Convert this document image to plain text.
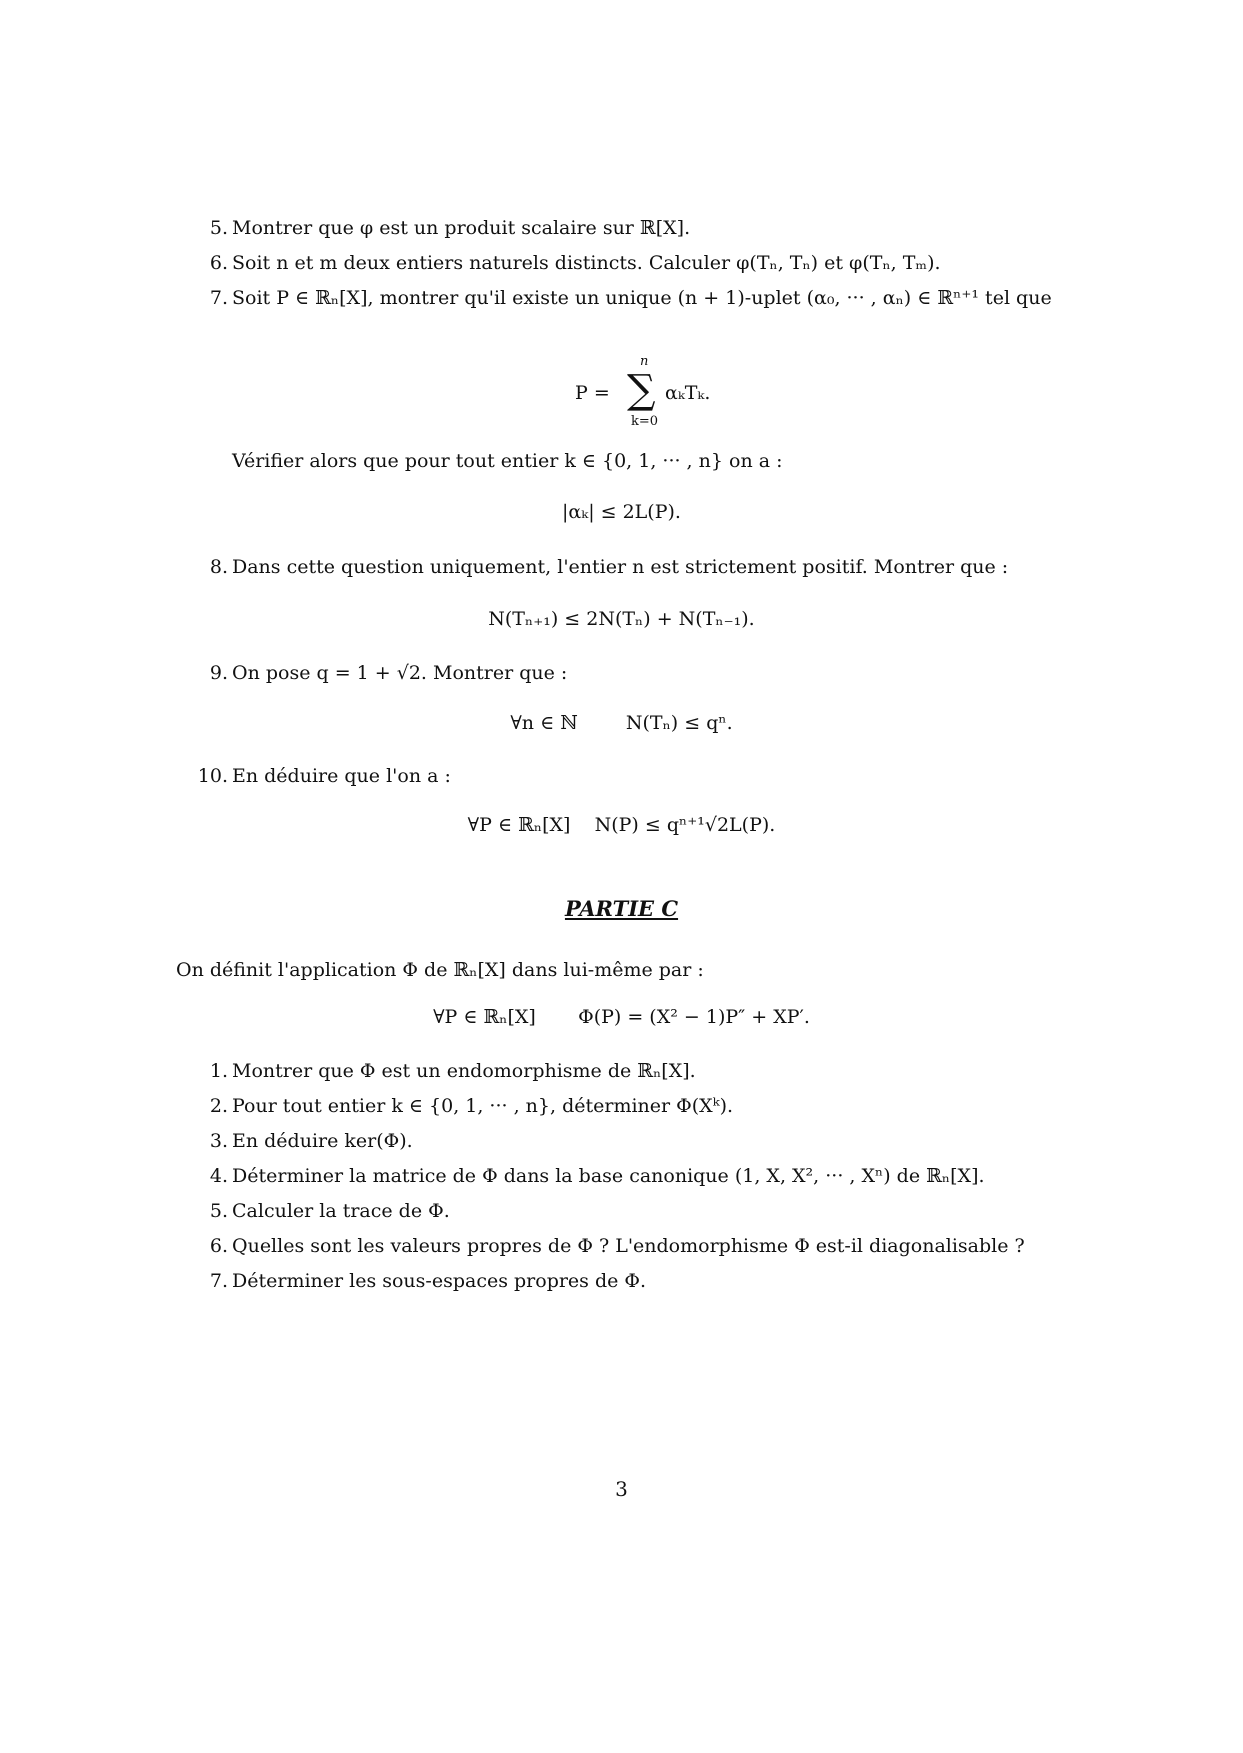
5. Montrer que φ est un produit scalaire sur ℝ[X].
6. Soit n et m deux entiers naturels distincts. Calculer φ(Tₙ, Tₙ) et φ(Tₙ, Tₘ).
7. Soit P ∈ ℝₙ[X], montrer qu'il existe un unique (n + 1)-uplet (α₀, ··· , αₙ) ∈ ℝⁿ⁺¹ tel que
P =
n
∑
k=0
αₖTₖ.
Vérifier alors que pour tout entier k ∈ {0, 1, ··· , n} on a :
|αₖ| ≤ 2L(P).
8. Dans cette question uniquement, l'entier n est strictement positif. Montrer que :
N(Tₙ₊₁) ≤ 2N(Tₙ) + N(Tₙ₋₁).
9. On pose q = 1 + √2. Montrer que :
∀n ∈ ℕ        N(Tₙ) ≤ qⁿ.
10. En déduire que l'on a :
∀P ∈ ℝₙ[X]    N(P) ≤ qⁿ⁺¹√2L(P).
PARTIE C
On définit l'application Φ de ℝₙ[X] dans lui-même par :
∀P ∈ ℝₙ[X]       Φ(P) = (X² − 1)P″ + XP′.
1. Montrer que Φ est un endomorphisme de ℝₙ[X].
2. Pour tout entier k ∈ {0, 1, ··· , n}, déterminer Φ(Xᵏ).
3. En déduire ker(Φ).
4. Déterminer la matrice de Φ dans la base canonique (1, X, X², ··· , Xⁿ) de ℝₙ[X].
5. Calculer la trace de Φ.
6. Quelles sont les valeurs propres de Φ ? L'endomorphisme Φ est-il diagonalisable ?
7. Déterminer les sous-espaces propres de Φ.
3
